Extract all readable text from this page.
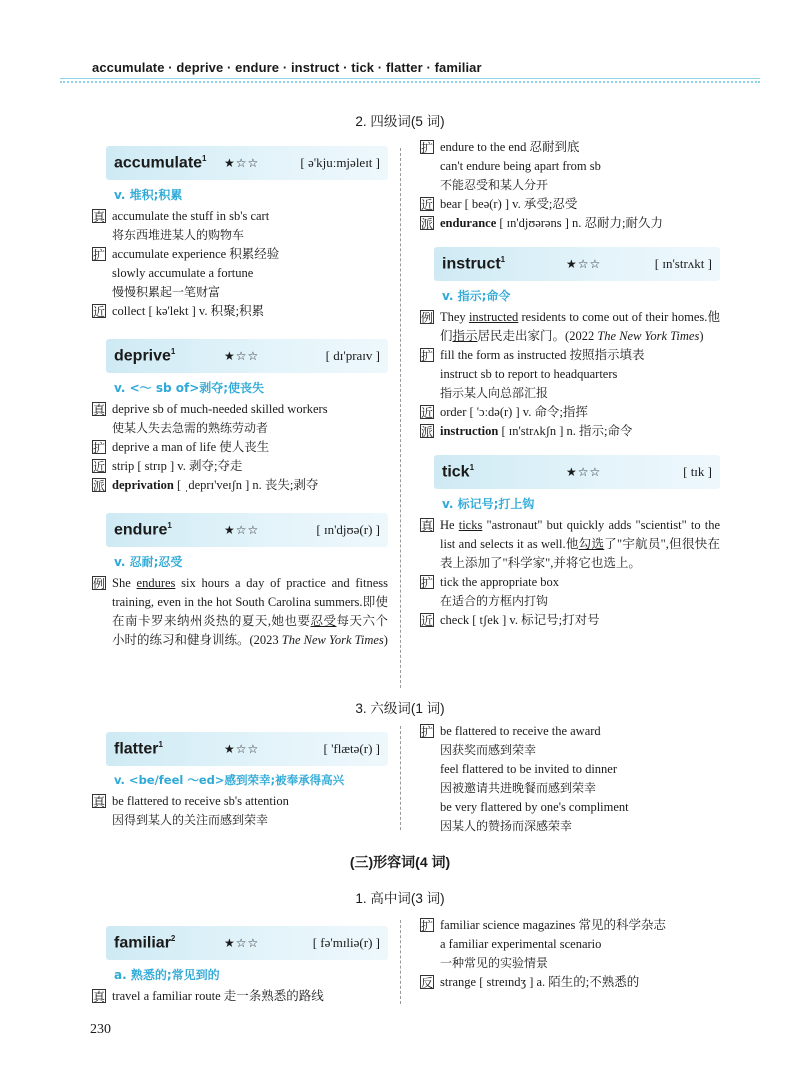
accumulate · deprive · endure · instruct · tick · flatter · familiar
2. 四级词(5 词)
accumulate$^1$	★☆☆	[ ə'kjuːmjəleɪt ]
v. 堆积;积累
真 accumulate the stuff in sb's cart
将东西堆进某人的购物车
扩 accumulate experience 积累经验
slowly accumulate a fortune
慢慢积累起一笔财富
近 collect [ kə'lekt ] v. 积聚;积累
deprive$^1$	★☆☆	[ dɪ'praɪv ]
v. <～ sb of>剥夺;使丧失
真 deprive sb of much-needed skilled workers
使某人失去急需的熟练劳动者
扩 deprive a man of life 使人丧生
近 strip [ strɪp ] v. 剥夺;夺走
派 deprivation [ ˌdeprɪ'veɪʃn ] n. 丧失;剥夺
endure$^1$	★☆☆	[ ɪn'djʊə(r) ]
v. 忍耐;忍受
例 She endures six hours a day of practice and fitness training, even in the hot South Carolina summers.即使在南卡罗来纳州炎热的夏天,她也要忍受每天六个小时的练习和健身训练。(2023 The New York Times)
扩 endure to the end 忍耐到底
can't endure being apart from sb
不能忍受和某人分开
近 bear [ beə(r) ] v. 承受;忍受
派 endurance [ ɪn'djʊərəns ] n. 忍耐力;耐久力
instruct$^1$	★☆☆	[ ɪn'strʌkt ]
v. 指示;命令
例 They instructed residents to come out of their homes.他们指示居民走出家门。(2022 The New York Times)
扩 fill the form as instructed 按照指示填表
instruct sb to report to headquarters
指示某人向总部汇报
近 order [ 'ɔːdə(r) ] v. 命令;指挥
派 instruction [ ɪn'strʌkʃn ] n. 指示;命令
tick$^1$	★☆☆	[ tɪk ]
v. 标记号;打上钩
真 He ticks "astronaut" but quickly adds "scientist" to the list and selects it as well.他勾选了"宇航员",但很快在表上添加了"科学家",并将它也选上。
扩 tick the appropriate box
在适合的方框内打钩
近 check [ tʃek ] v. 标记号;打对号
3. 六级词(1 词)
flatter$^1$	★☆☆	[ 'flætə(r) ]
v. <be/feel ～ed>感到荣幸;被奉承得高兴
真 be flattered to receive sb's attention
因得到某人的关注而感到荣幸
扩 be flattered to receive the award
因获奖而感到荣幸
feel flattered to be invited to dinner
因被邀请共进晚餐而感到荣幸
be very flattered by one's compliment
因某人的赞扬而深感荣幸
(三)形容词(4 词)
1. 高中词(3 词)
familiar$^2$	★☆☆	[ fə'mɪliə(r) ]
a. 熟悉的;常见到的
真 travel a familiar route 走一条熟悉的路线
扩 familiar science magazines 常见的科学杂志
a familiar experimental scenario
一种常见的实验情景
反 strange [ streɪndʒ ] a. 陌生的;不熟悉的
230
